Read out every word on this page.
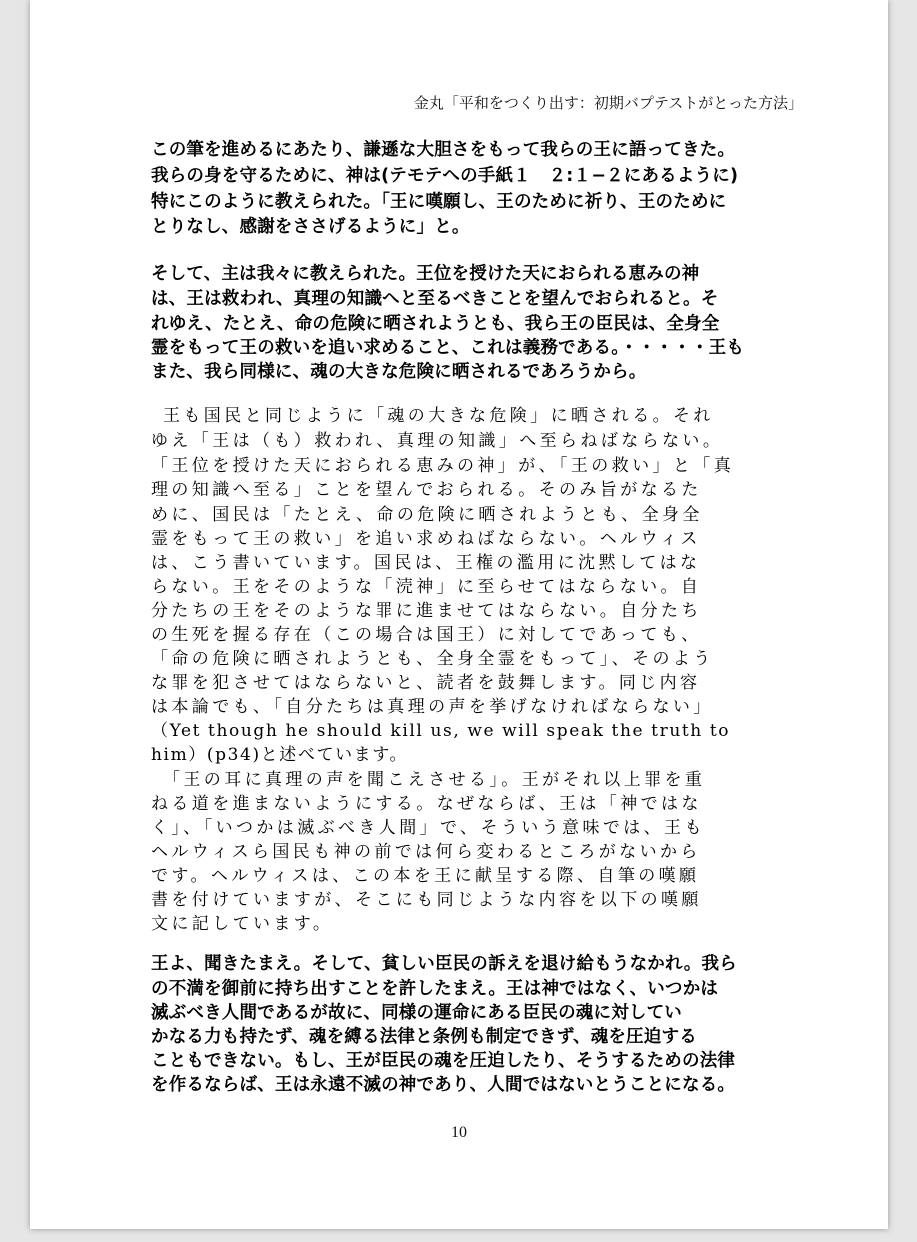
金丸「平和をつくり出す：初期バプテストがとった方法」
この筆を進めるにあたり、謙遜な大胆さをもって我らの王に語ってきた。
我らの身を守るために、神は(テモテへの手紙１　２:１−２にあるように)
特にこのように教えられた。「王に嘆願し、王のために祈り、王のために
とりなし、感謝をささげるように」と。
そして、主は我々に教えられた。王位を授けた天におられる恵みの神
は、王は救われ、真理の知識へと至るべきことを望んでおられると。そ
れゆえ、たとえ、命の危険に晒されようとも、我ら王の臣民は、全身全
霊をもって王の救いを追い求めること、これは義務である。・・・・・王も
また、我ら同様に、魂の大きな危険に晒されるであろうから。
王も国民と同じように「魂の大きな危険」に晒される。それ
ゆえ「王は（も）救われ、真理の知識」へ至らねばならない。
「王位を授けた天におられる恵みの神」が、「王の救い」と「真
理の知識へ至る」ことを望んでおられる。そのみ旨がなるた
めに、国民は「たとえ、命の危険に晒されようとも、全身全
霊をもって王の救い」を追い求めねばならない。ヘルウィス
は、こう書いています。国民は、王権の濫用に沈黙してはな
らない。王をそのような「涜神」に至らせてはならない。自
分たちの王をそのような罪に進ませてはならない。自分たち
の生死を握る存在（この場合は国王）に対してであっても、
「命の危険に晒されようとも、全身全霊をもって」、そのよう
な罪を犯させてはならないと、読者を鼓舞します。同じ内容
は本論でも、「自分たちは真理の声を挙げなければならない」
（Yet though he should kill us, we will speak the truth to
him）(p34)と述べています。
「王の耳に真理の声を聞こえさせる」。王がそれ以上罪を重
ねる道を進まないようにする。なぜならば、王は「神ではな
く」、「いつかは滅ぶべき人間」で、そういう意味では、王も
ヘルウィスら国民も神の前では何ら変わるところがないから
です。ヘルウィスは、この本を王に献呈する際、自筆の嘆願
書を付けていますが、そこにも同じような内容を以下の嘆願
文に記しています。
王よ、聞きたまえ。そして、貧しい臣民の訴えを退け給もうなかれ。我ら
の不満を御前に持ち出すことを許したまえ。王は神ではなく、いつかは
滅ぶべき人間であるが故に、同様の運命にある臣民の魂に対してい
かなる力も持たず、魂を縛る法律と条例も制定できず、魂を圧迫する
こともできない。もし、王が臣民の魂を圧迫したり、そうするための法律
を作るならば、王は永遠不滅の神であり、人間ではないとうことになる。
10
